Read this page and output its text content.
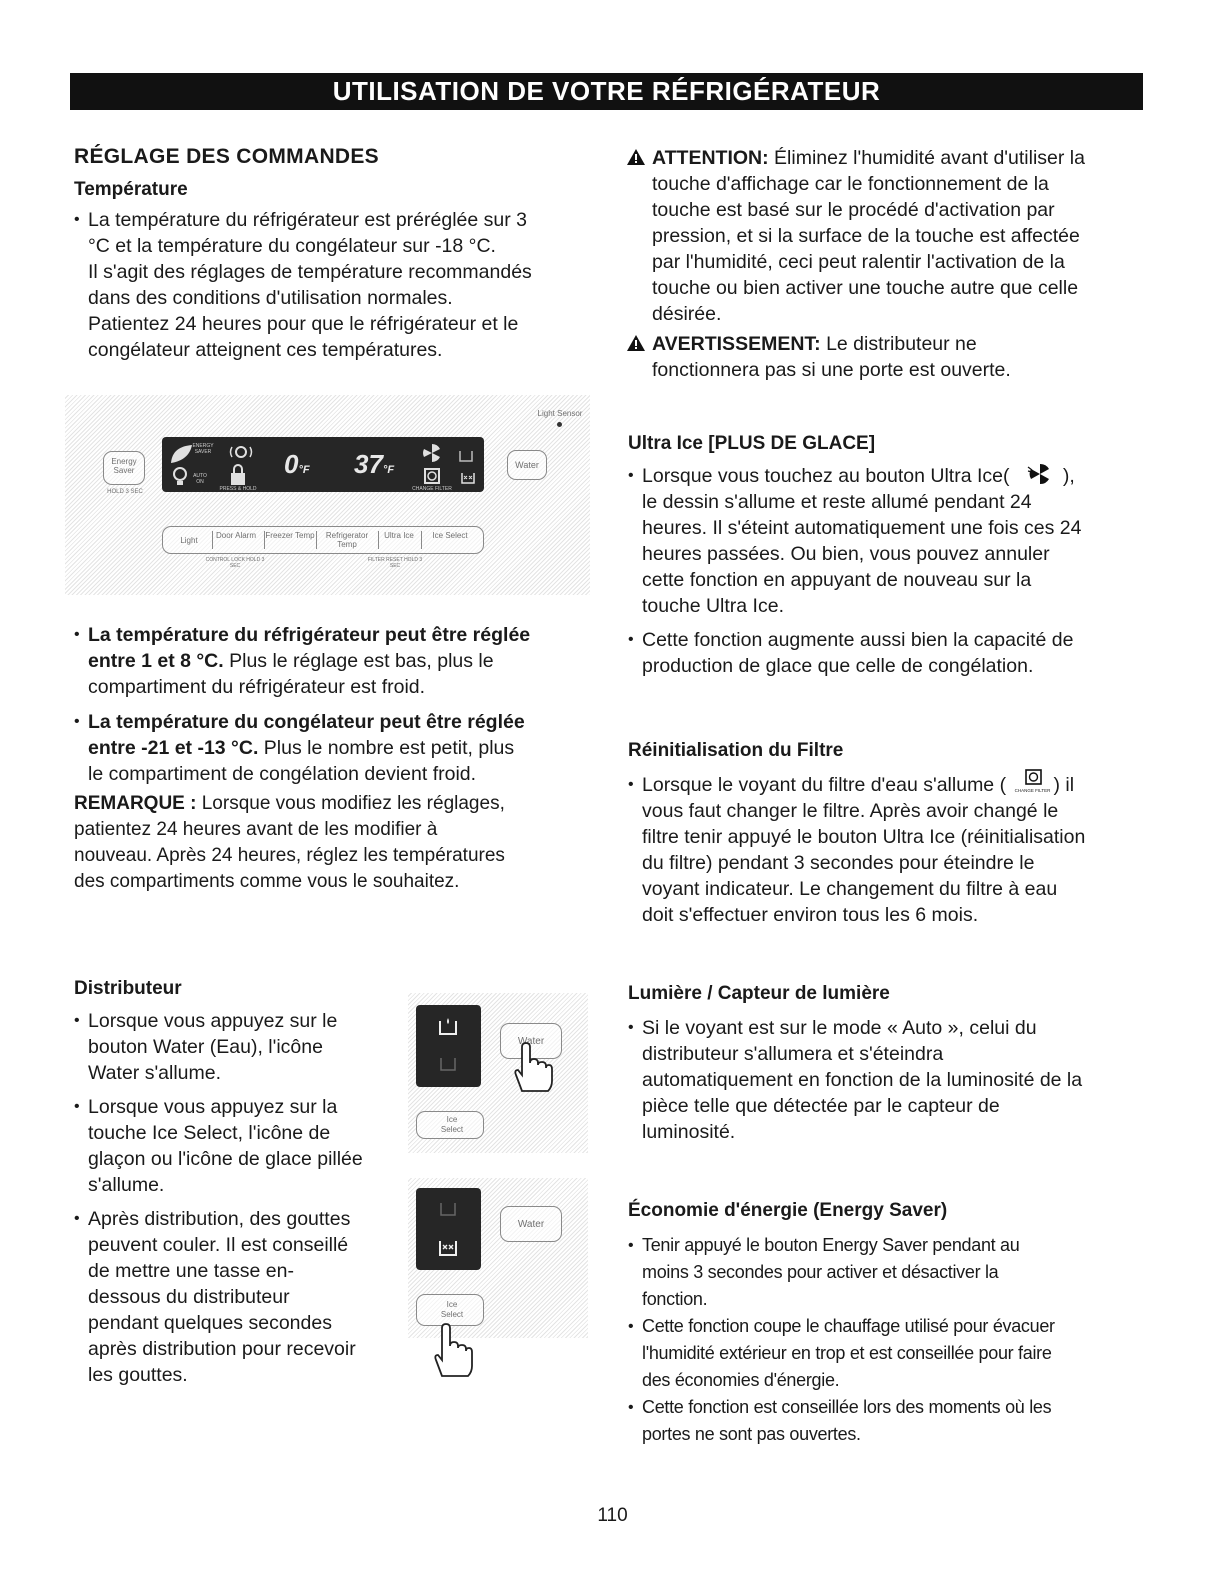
UTILISATION DE VOTRE RÉFRIGÉRATEUR
RÉGLAGE DES COMMANDES
Température
• La température du réfrigérateur est préréglée sur 3
°C et la température du congélateur sur -18 °C.
Il s'agit des réglages de température recommandés
dans des conditions d'utilisation normales.
Patientez 24 heures pour que le réfrigérateur et le
congélateur atteignent ces températures.
Light Sensor
Energy Saver
HOLD 3 SEC
ENERGY SAVER
AUTO ON
PRESS & HOLD
0°F 37°F
CHANGE FILTER
Water
Light
Door Alarm	Freezer Temp	Refrigerator Temp
Ultra Ice	Ice Select
CONTROL LOCK HOLD 3 SEC
FILTER RESET HOLD 3 SEC
• La température du réfrigérateur peut être réglée
entre 1 et 8 °C. Plus le réglage est bas, plus le
compartiment du réfrigérateur est froid.
• La température du congélateur peut être réglée
entre -21 et -13 °C. Plus le nombre est petit, plus
le compartiment de congélation devient froid.
REMARQUE : Lorsque vous modifiez les réglages,
patientez 24 heures avant de les modifier à
nouveau. Après 24 heures, réglez les températures
des compartiments comme vous le souhaitez.
Distributeur
• Lorsque vous appuyez sur le
bouton Water (Eau), l'icône
Water s'allume.
• Lorsque vous appuyez sur la
touche Ice Select, l'icône de
glaçon ou l'icône de glace pillée
s'allume.
• Après distribution, des gouttes
peuvent couler. Il est conseillé
de mettre une tasse en-
dessous du distributeur
pendant quelques secondes
après distribution pour recevoir
les gouttes.
Water
Ice
Select
Water
Ice
Select
ATTENTION: Éliminez l'humidité avant d'utiliser la
touche d'affichage car le fonctionnement de la
touche est basé sur le procédé d'activation par
pression, et si la surface de la touche est affectée
par l'humidité, ceci peut ralentir l'activation de la
touche ou bien activer une touche autre que celle
désirée.
AVERTISSEMENT: Le distributeur ne
fonctionnera pas si une porte est ouverte.
Ultra Ice [PLUS DE GLACE]
• Lorsque vous touchez au bouton Ultra Ice(	),
le dessin s'allume et reste allumé pendant 24
heures. Il s'éteint automatiquement une fois ces 24
heures passées. Ou bien, vous pouvez annuler
cette fonction en appuyant de nouveau sur la
touche Ultra Ice.
• Cette fonction augmente aussi bien la capacité de
production de glace que celle de congélation.
Réinitialisation du Filtre
• Lorsque le voyant du filtre d'eau s'allume ( CHANGE FILTER ) il
vous faut changer le filtre. Après avoir changé le
filtre tenir appuyé le bouton Ultra Ice (réinitialisation
du filtre) pendant 3 secondes pour éteindre le
voyant indicateur. Le changement du filtre à eau
doit s'effectuer environ tous les 6 mois.
Lumière / Capteur de lumière
• Si le voyant est sur le mode « Auto », celui du
distributeur s'allumera et s'éteindra
automatiquement en fonction de la luminosité de la
pièce telle que détectée par le capteur de
luminosité.
Économie d'énergie (Energy Saver)
• Tenir appuyé le bouton Energy Saver pendant au
moins 3 secondes pour activer et désactiver la
fonction.
• Cette fonction coupe le chauffage utilisé pour évacuer
l'humidité extérieur en trop et est conseillée pour faire
des économies d'énergie.
• Cette fonction est conseillée lors des moments où les
portes ne sont pas ouvertes.
110
